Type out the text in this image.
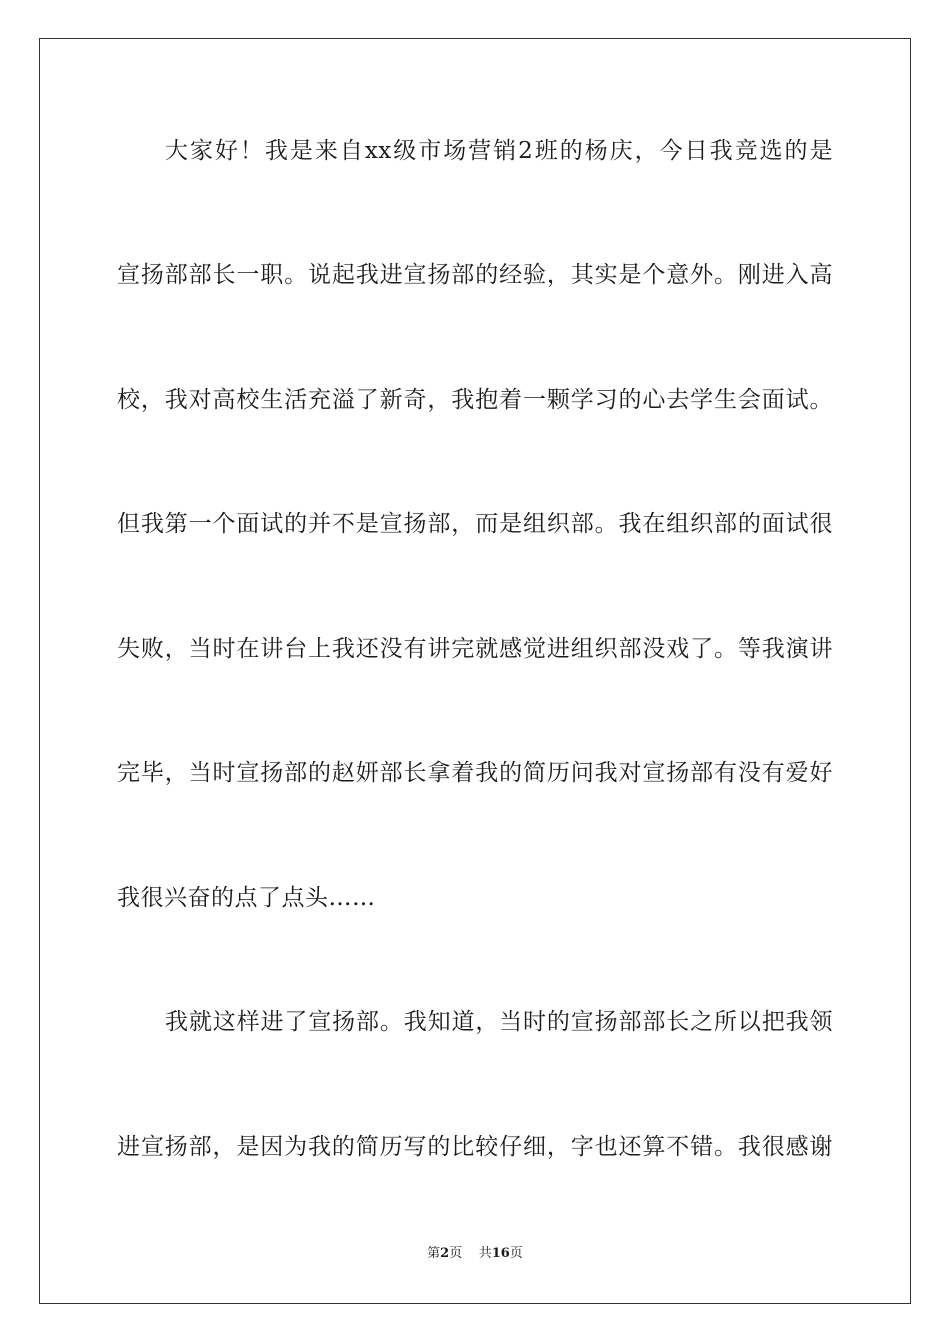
大家好！我是来自xx级市场营销2班的杨庆，今日我竞选的是
宣扬部部长一职。说起我进宣扬部的经验，其实是个意外。刚进入高
校，我对高校生活充溢了新奇，我抱着一颗学习的心去学生会面试。
但我第一个面试的并不是宣扬部，而是组织部。我在组织部的面试很
失败，当时在讲台上我还没有讲完就感觉进组织部没戏了。等我演讲
完毕，当时宣扬部的赵妍部长拿着我的简历问我对宣扬部有没有爱好
我很兴奋的点了点头……
我就这样进了宣扬部。我知道，当时的宣扬部部长之所以把我领
进宣扬部，是因为我的简历写的比较仔细，字也还算不错。我很感谢
第2页 共16页
